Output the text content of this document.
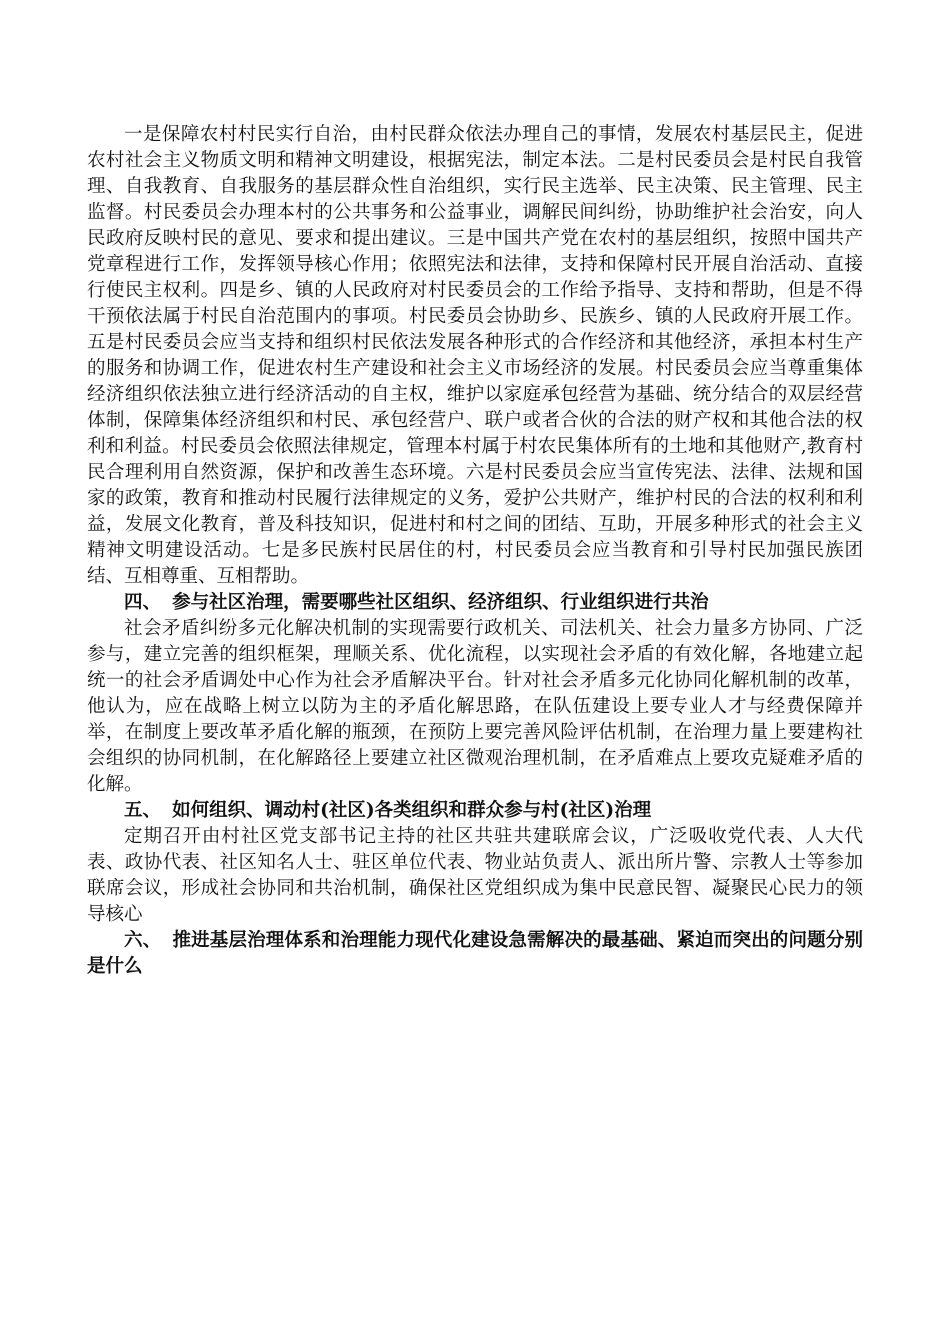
一是保障农村村民实行自治，由村民群众依法办理自己的事情，发展农村基层民主，促进农村社会主义物质文明和精神文明建设，根据宪法，制定本法。二是村民委员会是村民自我管理、自我教育、自我服务的基层群众性自治组织，实行民主选举、民主决策、民主管理、民主监督。村民委员会办理本村的公共事务和公益事业，调解民间纠纷，协助维护社会治安，向人民政府反映村民的意见、要求和提出建议。三是中国共产党在农村的基层组织，按照中国共产党章程进行工作，发挥领导核心作用；依照宪法和法律，支持和保障村民开展自治活动、直接行使民主权利。四是乡、镇的人民政府对村民委员会的工作给予指导、支持和帮助，但是不得干预依法属于村民自治范围内的事项。村民委员会协助乡、民族乡、镇的人民政府开展工作。五是村民委员会应当支持和组织村民依法发展各种形式的合作经济和其他经济，承担本村生产的服务和协调工作，促进农村生产建设和社会主义市场经济的发展。村民委员会应当尊重集体经济组织依法独立进行经济活动的自主权，维护以家庭承包经营为基础、统分结合的双层经营体制，保障集体经济组织和村民、承包经营户、联户或者合伙的合法的财产权和其他合法的权利和利益。村民委员会依照法律规定，管理本村属于村农民集体所有的土地和其他财产,教育村民合理利用自然资源，保护和改善生态环境。六是村民委员会应当宣传宪法、法律、法规和国家的政策，教育和推动村民履行法律规定的义务，爱护公共财产，维护村民的合法的权利和利益，发展文化教育，普及科技知识，促进村和村之间的团结、互助，开展多种形式的社会主义精神文明建设活动。七是多民族村民居住的村，村民委员会应当教育和引导村民加强民族团结、互相尊重、互相帮助。

四、 参与社区治理，需要哪些社区组织、经济组织、行业组织进行共治

社会矛盾纠纷多元化解决机制的实现需要行政机关、司法机关、社会力量多方协同、广泛参与，建立完善的组织框架，理顺关系、优化流程，以实现社会矛盾的有效化解，各地建立起统一的社会矛盾调处中心作为社会矛盾解决平台。针对社会矛盾多元化协同化解机制的改革，他认为，应在战略上树立以防为主的矛盾化解思路，在队伍建设上要专业人才与经费保障并举，在制度上要改革矛盾化解的瓶颈，在预防上要完善风险评估机制，在治理力量上要建构社会组织的协同机制，在化解路径上要建立社区微观治理机制，在矛盾难点上要攻克疑难矛盾的化解。

五、 如何组织、调动村(社区)各类组织和群众参与村(社区)治理

定期召开由村社区党支部书记主持的社区共驻共建联席会议，广泛吸收党代表、人大代表、政协代表、社区知名人士、驻区单位代表、物业站负责人、派出所片警、宗教人士等参加联席会议，形成社会协同和共治机制，确保社区党组织成为集中民意民智、凝聚民心民力的领导核心

六、 推进基层治理体系和治理能力现代化建设急需解决的最基础、紧迫而突出的问题分别是什么
